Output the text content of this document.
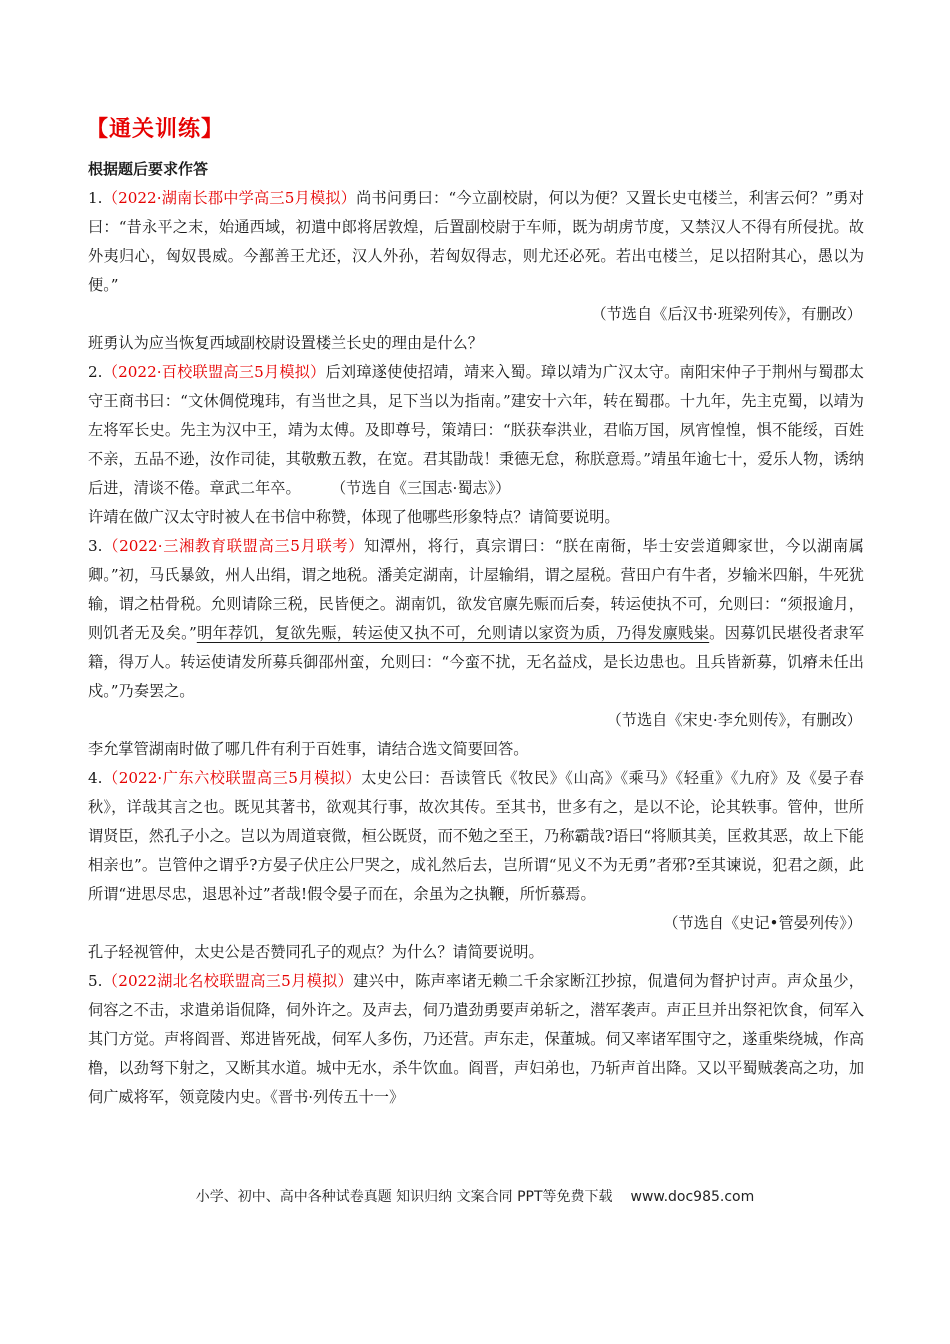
【通关训练】
根据题后要求作答

1.（2022·湖南长郡中学高三5月模拟）尚书问勇曰：“今立副校尉，何以为便？又置长史屯楼兰，利害云何？”勇对曰：“昔永平之末，始通西域，初遣中郎将居敦煌，后置副校尉于车师，既为胡虏节度，又禁汉人不得有所侵扰。故外夷归心，匈奴畏威。今鄯善王尤还，汉人外孙，若匈奴得志，则尤还必死。若出屯楼兰，足以招附其心，愚以为便。”

（节选自《后汉书·班梁列传》，有删改）

班勇认为应当恢复西域副校尉设置楼兰长史的理由是什么？

2.（2022·百校联盟高三5月模拟）后刘璋遂使使招靖，靖来入蜀。璋以靖为广汉太守。南阳宋仲子于荆州与蜀郡太守王商书曰：“文休倜傥瑰玮，有当世之具，足下当以为指南。”建安十六年，转在蜀郡。十九年，先主克蜀，以靖为左将军长史。先主为汉中王，靖为太傅。及即尊号，策靖曰：“朕获奉洪业，君临万国，夙宵惶惶，惧不能绥，百姓不亲，五品不逊，汝作司徒，其敬敷五教，在宽。君其勖哉！秉德无怠，称朕意焉。”靖虽年逾七十，爱乐人物，诱纳后进，清谈不倦。章武二年卒。　　　	（节选自《三国志·蜀志》）

许靖在做广汉太守时被人在书信中称赞，体现了他哪些形象特点？请简要说明。

3.（2022·三湘教育联盟高三5月联考）知潭州，将行，真宗谓曰：“朕在南衙，毕士安尝道卿家世，今以湖南属卿。”初，马氏暴敛，州人出绢，谓之地税。潘美定湖南，计屋输绢，谓之屋税。营田户有牛者，岁输米四斛，牛死犹输，谓之枯骨税。允则请除三税，民皆便之。湖南饥，欲发官廪先赈而后奏，转运使执不可，允则曰：“须报逾月，则饥者无及矣。”明年荐饥，复欲先赈，转运使又执不可，允则请以家资为质，乃得发廪贱粜。因募饥民堪役者隶军籍，得万人。转运使请发所募兵御邵州蛮，允则曰：“今蛮不扰，无名益戍，是长边患也。且兵皆新募，饥瘠未任出戍。”乃奏罢之。

（节选自《宋史·李允则传》，有删改）

李允掌管湖南时做了哪几件有利于百姓事，请结合选文简要回答。

4.（2022·广东六校联盟高三5月模拟）太史公曰：吾读管氏《牧民》《山高》《乘马》《轻重》《九府》及《晏子春秋》，详哉其言之也。既见其著书，欲观其行事，故次其传。至其书，世多有之，是以不论，论其轶事。管仲，世所谓贤臣，然孔子小之。岂以为周道衰微，桓公既贤，而不勉之至王，乃称霸哉?语曰“将顺其美，匡救其恶，故上下能相亲也”。岂管仲之谓乎?方晏子伏庄公尸哭之，成礼然后去，岂所谓“见义不为无勇”者邪?至其谏说，犯君之颜，此所谓“进思尽忠，退思补过”者哉!假令晏子而在，余虽为之执鞭，所忻慕焉。

（节选自《史记•管晏列传》）

孔子轻视管仲，太史公是否赞同孔子的观点？为什么？请简要说明。

5.（2022湖北名校联盟高三5月模拟）建兴中，陈声率诸无赖二千余家断江抄掠，侃遣伺为督护讨声。声众虽少，伺容之不击，求遣弟诣侃降，伺外许之。及声去，伺乃遣劲勇要声弟斩之，潜军袭声。声正旦并出祭祀饮食，伺军入其门方觉。声将阎晋、郑进皆死战，伺军人多伤，乃还营。声东走，保董城。伺又率诸军围守之，遂重柴绕城，作高橹，以劲弩下射之，又断其水道。城中无水，杀牛饮血。阎晋，声妇弟也，乃斩声首出降。又以平蜀贼袭高之功，加伺广威将军，领竟陵内史。《晋书·列传五十一》

小学、初中、高中各种试卷真题 知识归纳 文案合同 PPT等免费下载 www.doc985.com
